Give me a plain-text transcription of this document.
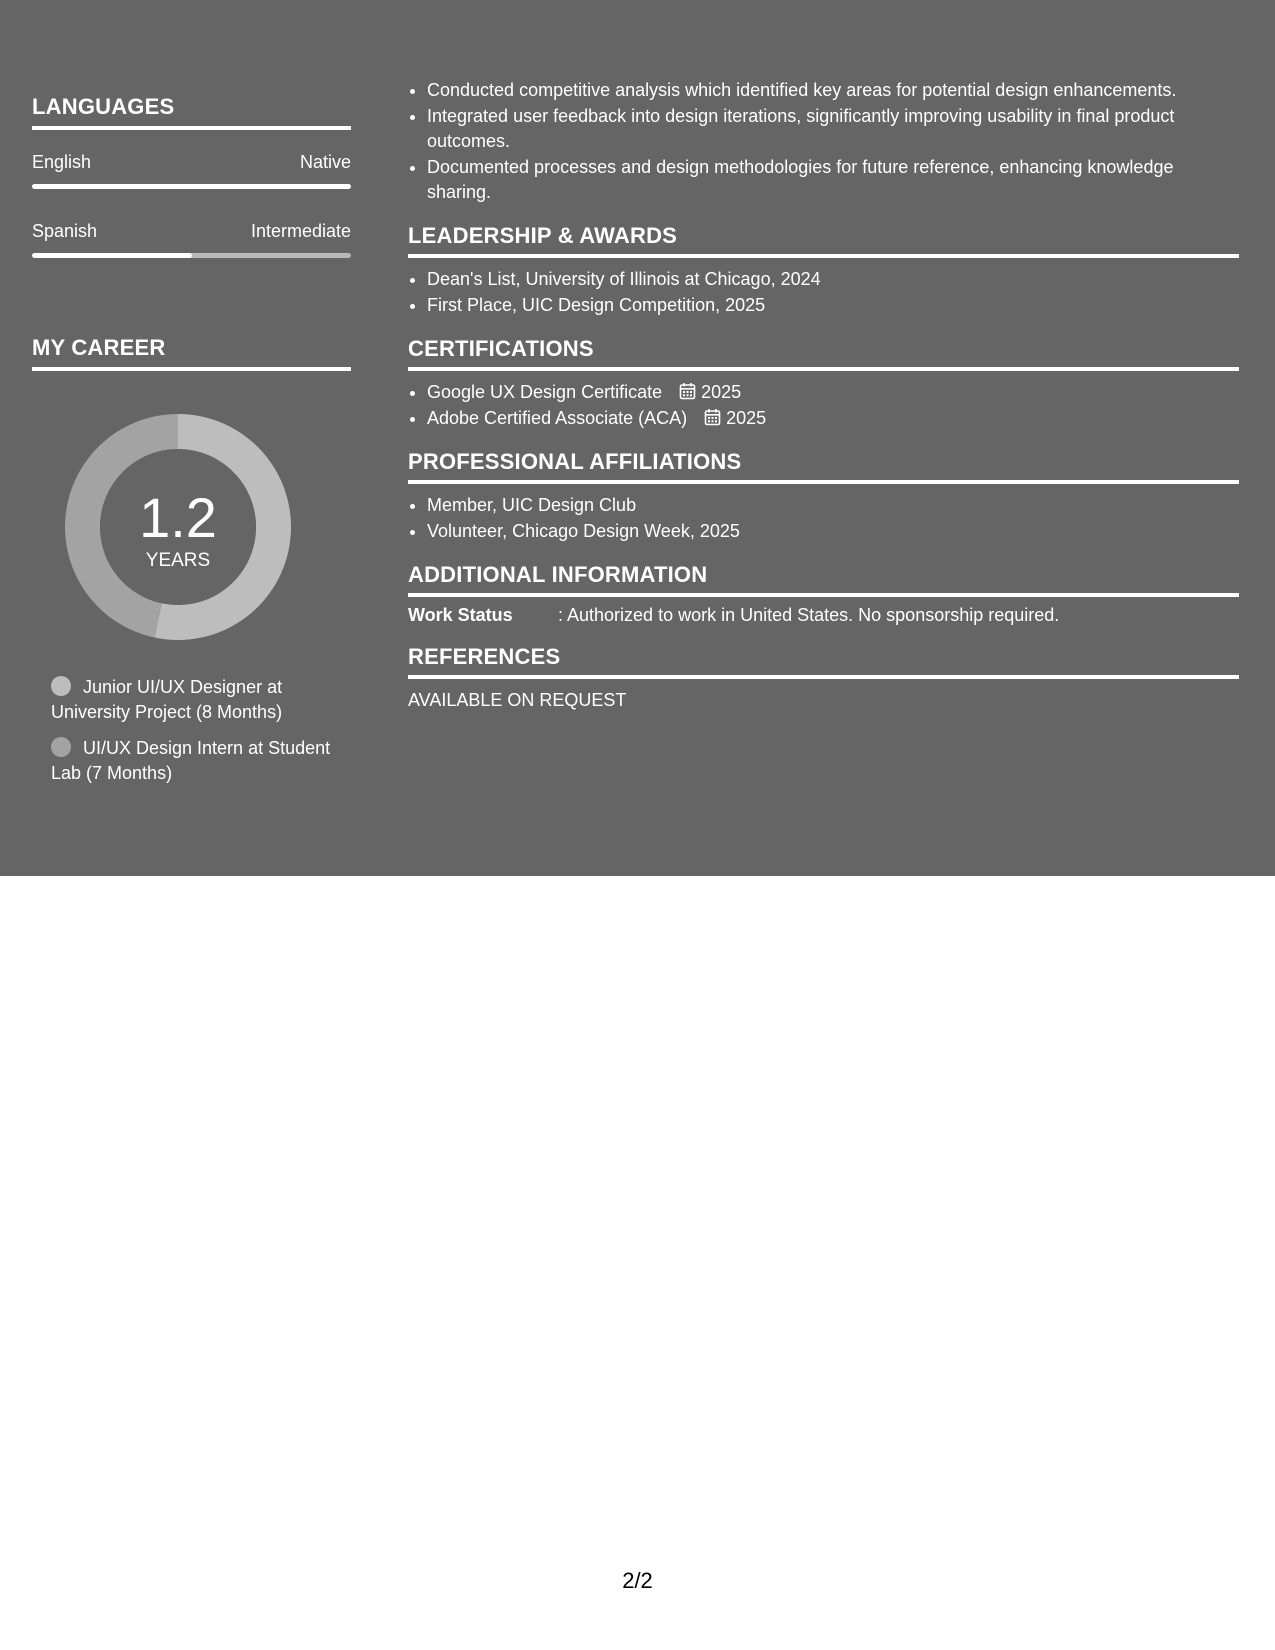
LANGUAGES
English	Native
Spanish	Intermediate
MY CAREER
1.2
YEARS
Junior UI/UX Designer at University Project (8 Months)
UI/UX Design Intern at Student Lab (7 Months)
• Conducted competitive analysis which identified key areas for potential design enhancements.
• Integrated user feedback into design iterations, significantly improving usability in final product outcomes.
• Documented processes and design methodologies for future reference, enhancing knowledge sharing.
LEADERSHIP & AWARDS
• Dean's List, University of Illinois at Chicago, 2024
• First Place, UIC Design Competition, 2025
CERTIFICATIONS
• Google UX Design Certificate 2025
• Adobe Certified Associate (ACA) 2025
PROFESSIONAL AFFILIATIONS
• Member, UIC Design Club
• Volunteer, Chicago Design Week, 2025
ADDITIONAL INFORMATION
Work Status	: Authorized to work in United States. No sponsorship required.
REFERENCES
AVAILABLE ON REQUEST
2/2
